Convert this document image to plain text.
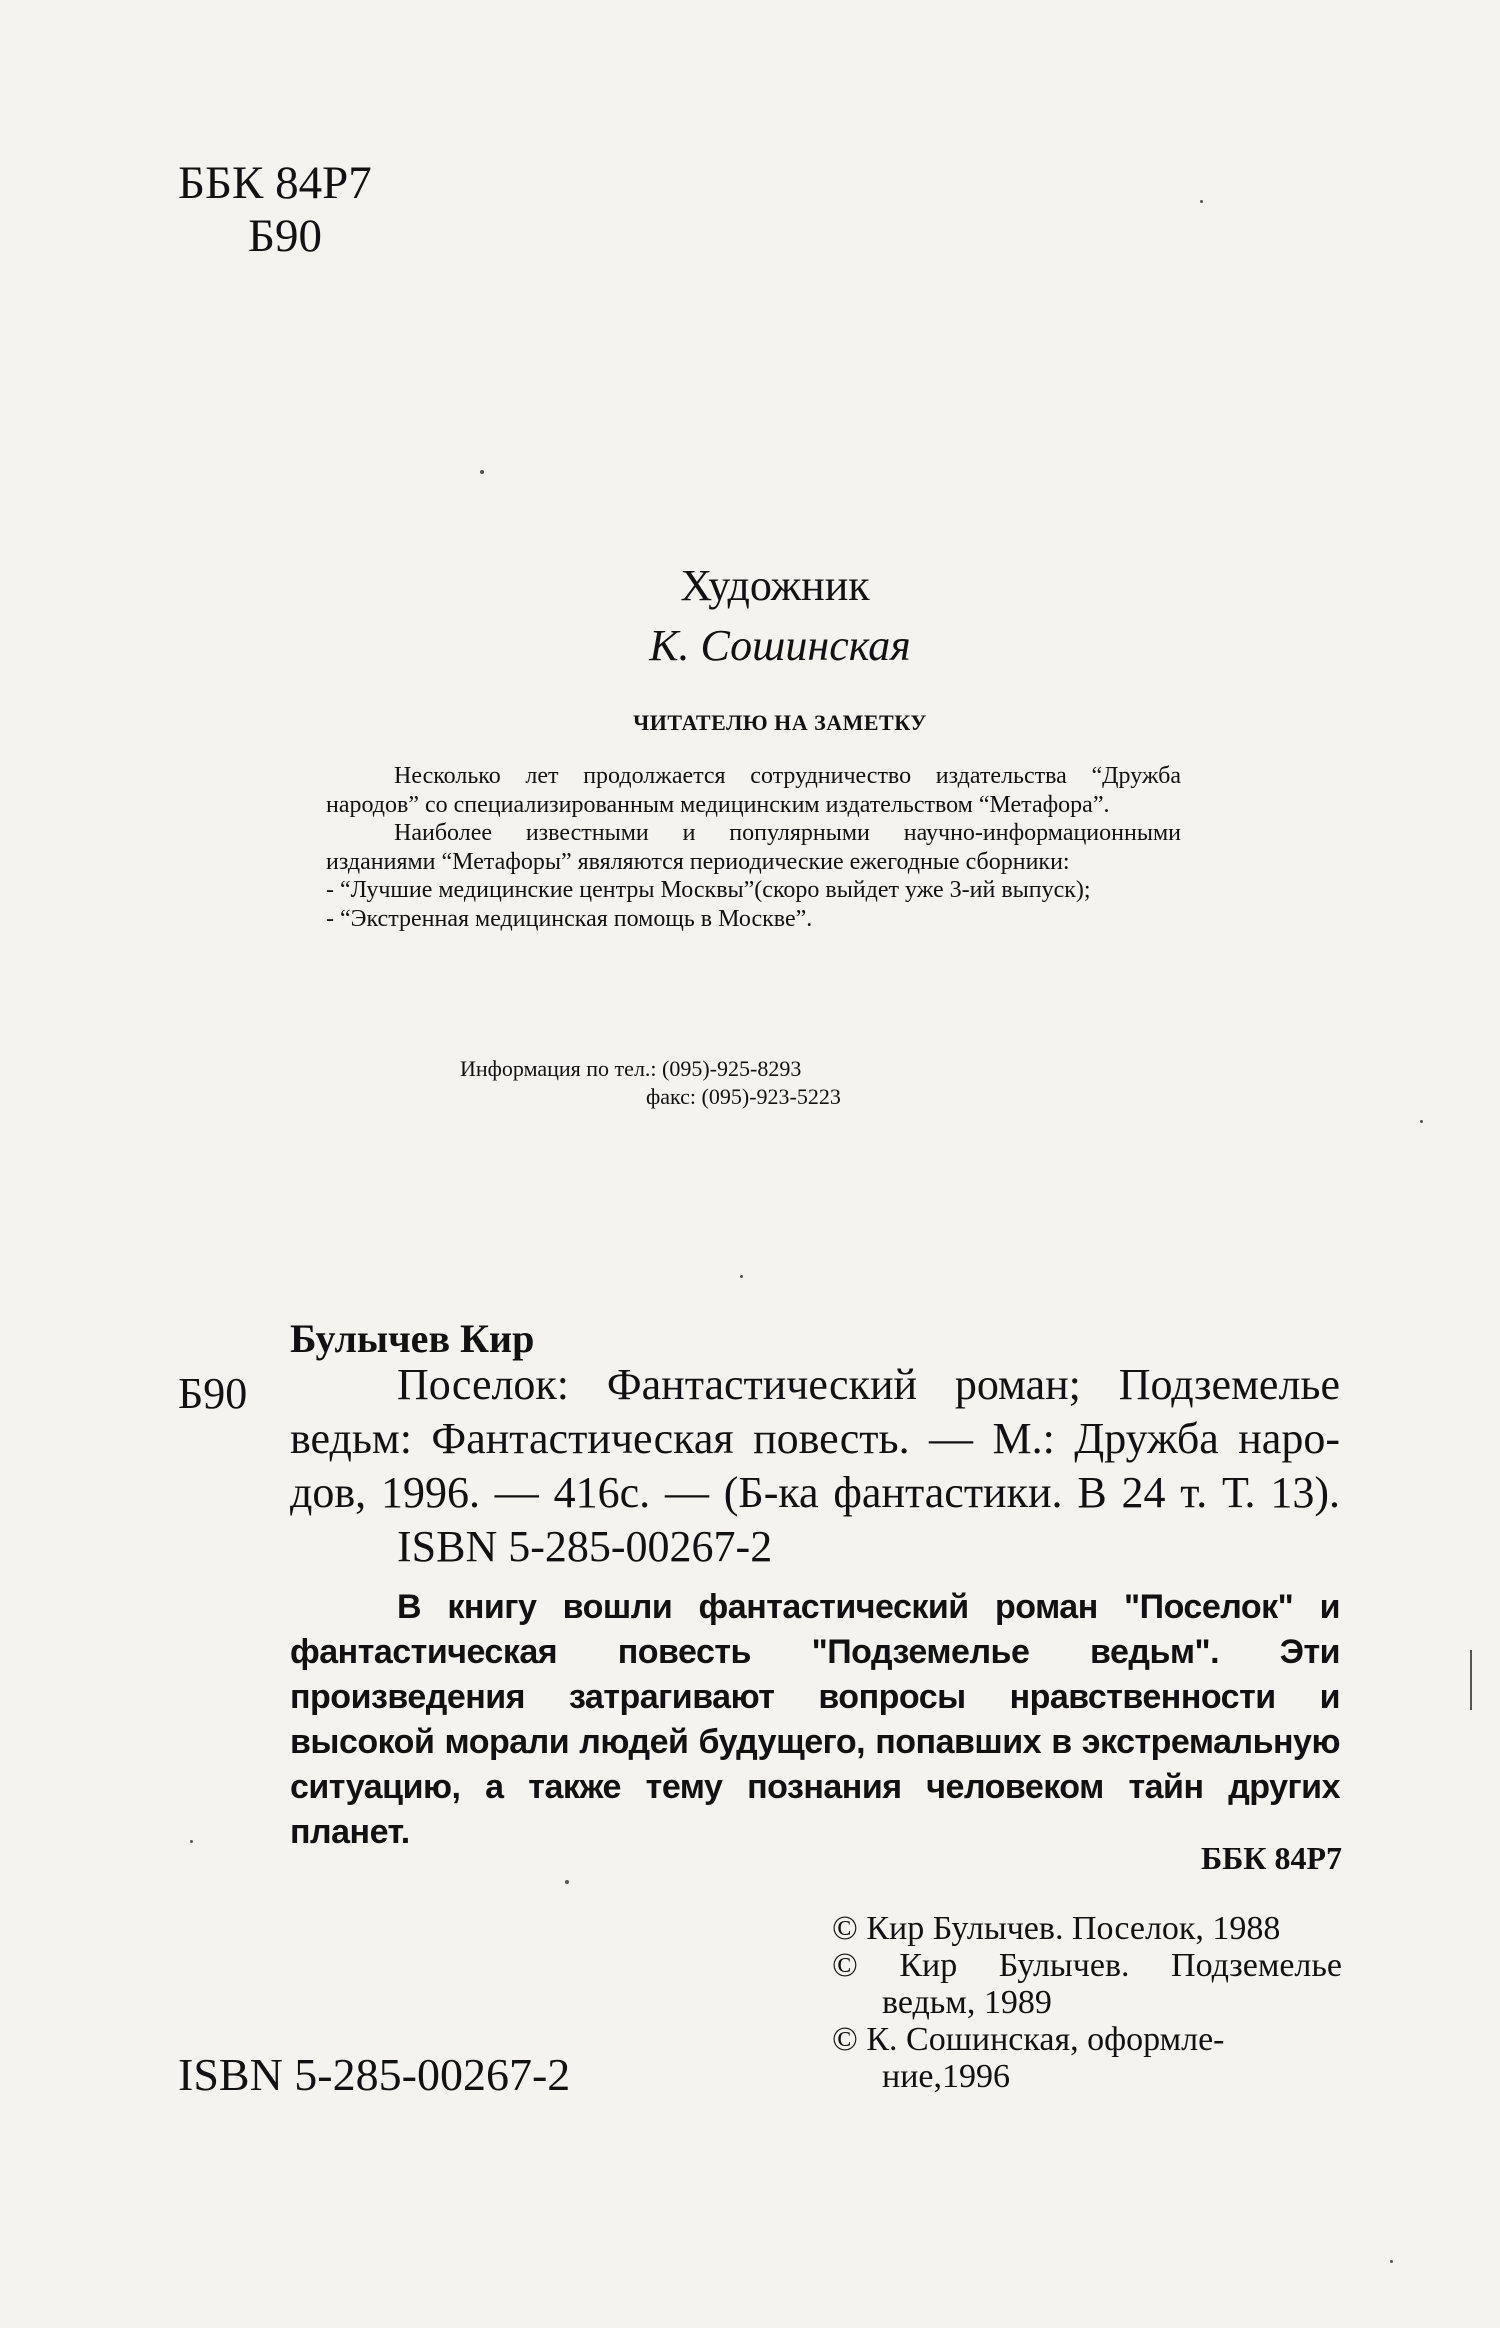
ББК 84Р7
Б90
Художник
К. Сошинская
ЧИТАТЕЛЮ НА ЗАМЕТКУ

Несколько лет продолжается сотрудничество издательства “Дружба народов” со специализированным медицинским издательством “Метафора”.

Наиболее известными и популярными научно-информационными изданиями “Метафоры” явяляются периодические ежегодные сборники:

- “Лучшие медицинские центры Москвы”(скоро выйдет уже 3-ий выпуск);

- “Экстренная медицинская помощь в Москве”.

Информация по тел.: (095)-925-8293
факс: (095)-923-5223
Булычев Кир
Б90	Поселок: Фантастический роман; Подземелье

ведьм: Фантастическая повесть. — М.: Дружба наро-

дов, 1996. — 416с. — (Б-ка фантастики. В 24 т. Т. 13).

ISBN 5-285-00267-2

В книгу вошли фантастический роман "Поселок" и фантастическая повесть "Подземелье ведьм". Эти произведения затрагивают вопросы нравственности и высокой морали людей будущего, попавших в экстремальную ситуацию, а также тему познания человеком тайн других планет.

ББК 84Р7

© Кир Булычев. Поселок, 1988

© Кир Булычев. Подземелье

ведьм, 1989

© К. Сошинская, оформле-

ние,1996

ISBN 5-285-00267-2
